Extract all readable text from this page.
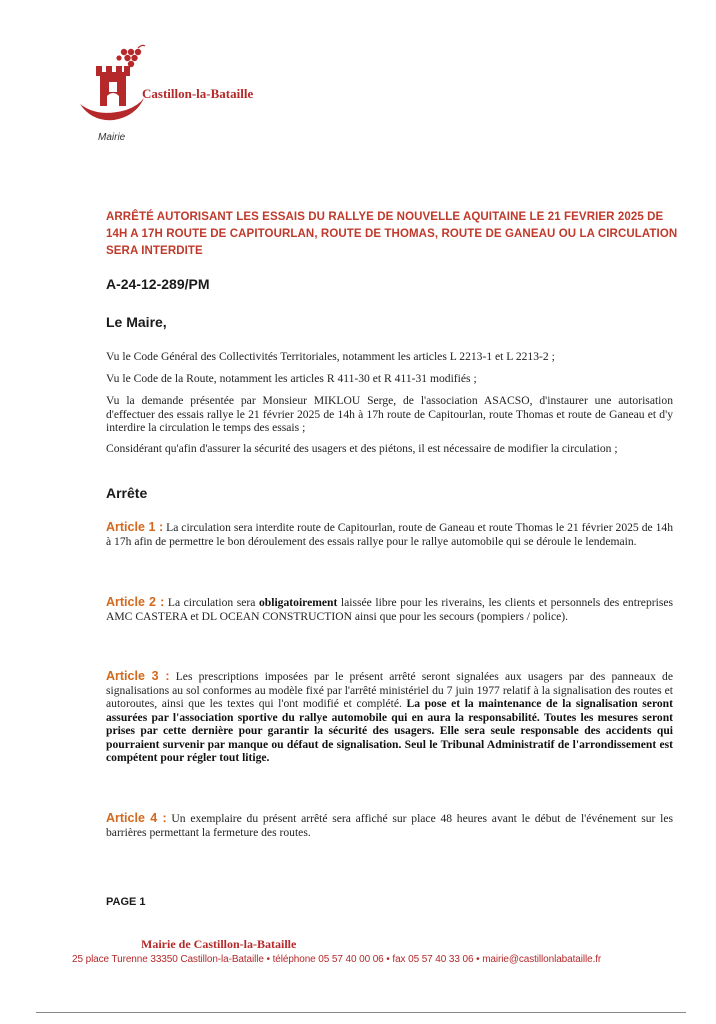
Castillon-la-Bataille
Mairie
ARRÊTÉ AUTORISANT LES ESSAIS DU RALLYE DE NOUVELLE AQUITAINE LE 21 FEVRIER 2025 DE 14H A 17H ROUTE DE CAPITOURLAN, ROUTE DE THOMAS, ROUTE DE GANEAU OU LA CIRCULATION SERA INTERDITE
A-24-12-289/PM
Le Maire,
Vu le Code Général des Collectivités Territoriales, notamment les articles L 2213-1 et L 2213-2 ;
Vu le Code de la Route, notamment les articles R 411-30 et R 411-31 modifiés ;
Vu la demande présentée par Monsieur MIKLOU Serge, de l'association ASACSO, d'instaurer une autorisation d'effectuer des essais rallye le 21 février 2025 de 14h à 17h route de Capitourlan, route Thomas et route de Ganeau et d'y interdire la circulation le temps des essais ;
Considérant qu'afin d'assurer la sécurité des usagers et des piétons, il est nécessaire de modifier la circulation ;
Arrête
Article 1 : La circulation sera interdite route de Capitourlan, route de Ganeau et route Thomas le 21 février 2025 de 14h à 17h afin de permettre le bon déroulement des essais rallye pour le rallye automobile qui se déroule le lendemain.
Article 2 : La circulation sera obligatoirement laissée libre pour les riverains, les clients et personnels des entreprises AMC CASTERA et DL OCEAN CONSTRUCTION ainsi que pour les secours (pompiers / police).
Article 3 : Les prescriptions imposées par le présent arrêté seront signalées aux usagers par des panneaux de signalisations au sol conformes au modèle fixé par l'arrêté ministériel du 7 juin 1977 relatif à la signalisation des routes et autoroutes, ainsi que les textes qui l'ont modifié et complété. La pose et la maintenance de la signalisation seront assurées par l'association sportive du rallye automobile qui en aura la responsabilité. Toutes les mesures seront prises par cette dernière pour garantir la sécurité des usagers. Elle sera seule responsable des accidents qui pourraient survenir par manque ou défaut de signalisation. Seul le Tribunal Administratif de l'arrondissement est compétent pour régler tout litige.
Article 4 : Un exemplaire du présent arrêté sera affiché sur place 48 heures avant le début de l'événement sur les barrières permettant la fermeture des routes.
PAGE 1
Mairie de Castillon-la-Bataille
25 place Turenne 33350 Castillon-la-Bataille • téléphone 05 57 40 00 06 • fax 05 57 40 33 06 • mairie@castillonlabataille.fr
